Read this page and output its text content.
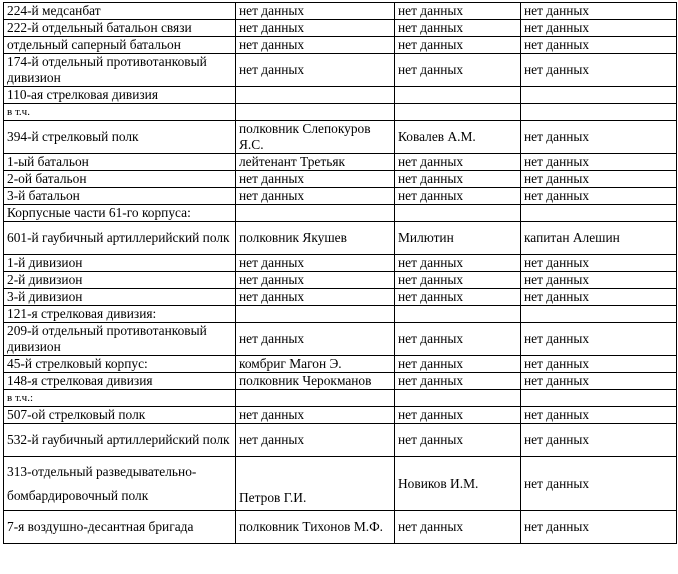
224-й медсанбат	нет данных	нет данных	нет данных
222-й отдельный батальон связи	нет данных	нет данных	нет данных
отдельный саперный батальон	нет данных	нет данных	нет данных
174-й отдельный противотанковый дивизион	нет данных	нет данных	нет данных
110-ая стрелковая дивизия			
в т.ч.			
394-й стрелковый полк	полковник Слепокуров Я.С.	Ковалев А.М.	нет данных
1-ый батальон	лейтенант Третьяк	нет данных	нет данных
2-ой батальон	нет данных	нет данных	нет данных
3-й батальон	нет данных	нет данных	нет данных
Корпусные части 61-го корпуса:			
601-й гаубичный артиллерийский полк	полковник Якушев	Милютин	капитан Алешин
1-й дивизион	нет данных	нет данных	нет данных
2-й дивизион	нет данных	нет данных	нет данных
3-й дивизион	нет данных	нет данных	нет данных
121-я стрелковая дивизия:			
209-й отдельный противотанковый дивизион	нет данных	нет данных	нет данных
45-й стрелковый корпус:	комбриг Магон Э.	нет данных	нет данных
148-я стрелковая дивизия	полковник Черокманов	нет данных	нет данных
в т.ч.:			
507-ой стрелковый полк	нет данных	нет данных	нет данных
532-й гаубичный артиллерийский полк	нет данных	нет данных	нет данных
313-отдельный разведывательно-бомбардировочный полк	Петров Г.И.	Новиков И.М.	нет данных
7-я воздушно-десантная бригада	полковник Тихонов М.Ф.	нет данных	нет данных
